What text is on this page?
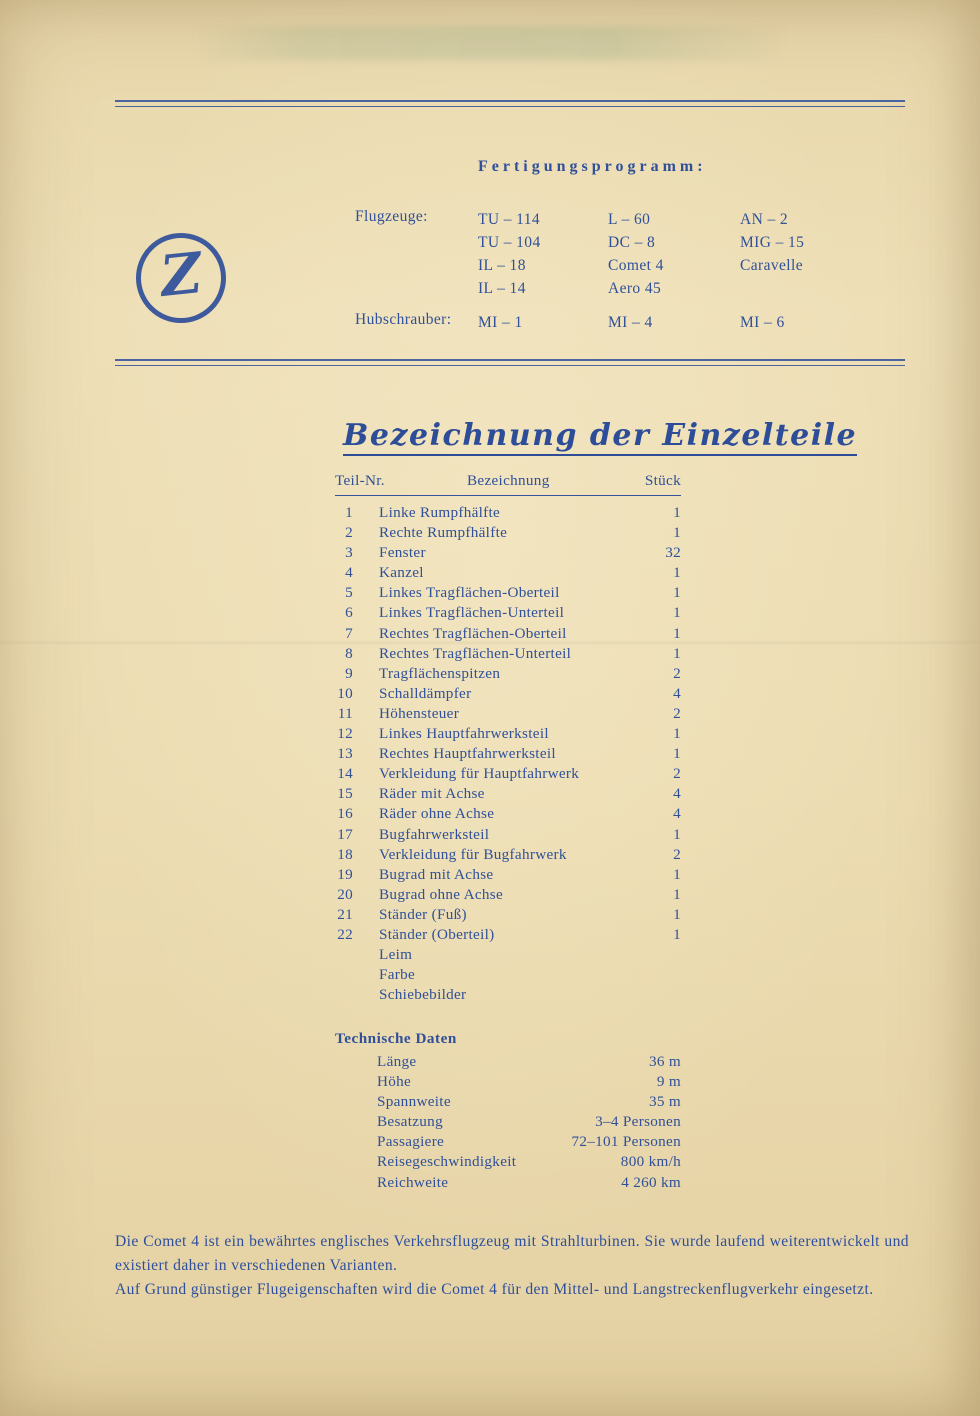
Fertigungsprogramm:
Z
Flugzeuge:	TU – 114	L – 60	AN – 2
TU – 104	DC – 8	MIG – 15
IL – 18	Comet 4	Caravelle
IL – 14	Aero 45
Hubschrauber: MI – 1	MI – 4	MI – 6
Bezeichnung der Einzelteile
Teil-Nr.	Bezeichnung	Stück
1 Linke Rumpfhälfte	1
2 Rechte Rumpfhälfte	1
3 Fenster	32
4 Kanzel	1
5 Linkes Tragflächen-Oberteil	1
6 Linkes Tragflächen-Unterteil	1
7 Rechtes Tragflächen-Oberteil	1
8 Rechtes Tragflächen-Unterteil	1
9 Tragflächenspitzen	2
10 Schalldämpfer	4
11 Höhensteuer	2
12 Linkes Hauptfahrwerksteil	1
13 Rechtes Hauptfahrwerksteil	1
14 Verkleidung für Hauptfahrwerk	2
15 Räder mit Achse	4
16 Räder ohne Achse	4
17 Bugfahrwerksteil	1
18 Verkleidung für Bugfahrwerk	2
19 Bugrad mit Achse	1
20 Bugrad ohne Achse	1
21 Ständer (Fuß)	1
22 Ständer (Oberteil)	1
Leim
Farbe
Schiebebilder
Technische Daten
Länge	36 m
Höhe	9 m
Spannweite	35 m
Besatzung	3–4 Personen
Passagiere	72–101 Personen
Reisegeschwindigkeit	800 km/h
Reichweite	4 260 km

Die Comet 4 ist ein bewährtes englisches Verkehrsflugzeug mit Strahlturbinen. Sie wurde laufend weiterentwickelt und existiert daher in verschiedenen Varianten.

Auf Grund günstiger Flugeigenschaften wird die Comet 4 für den Mittel- und Langstreckenflugverkehr eingesetzt.
